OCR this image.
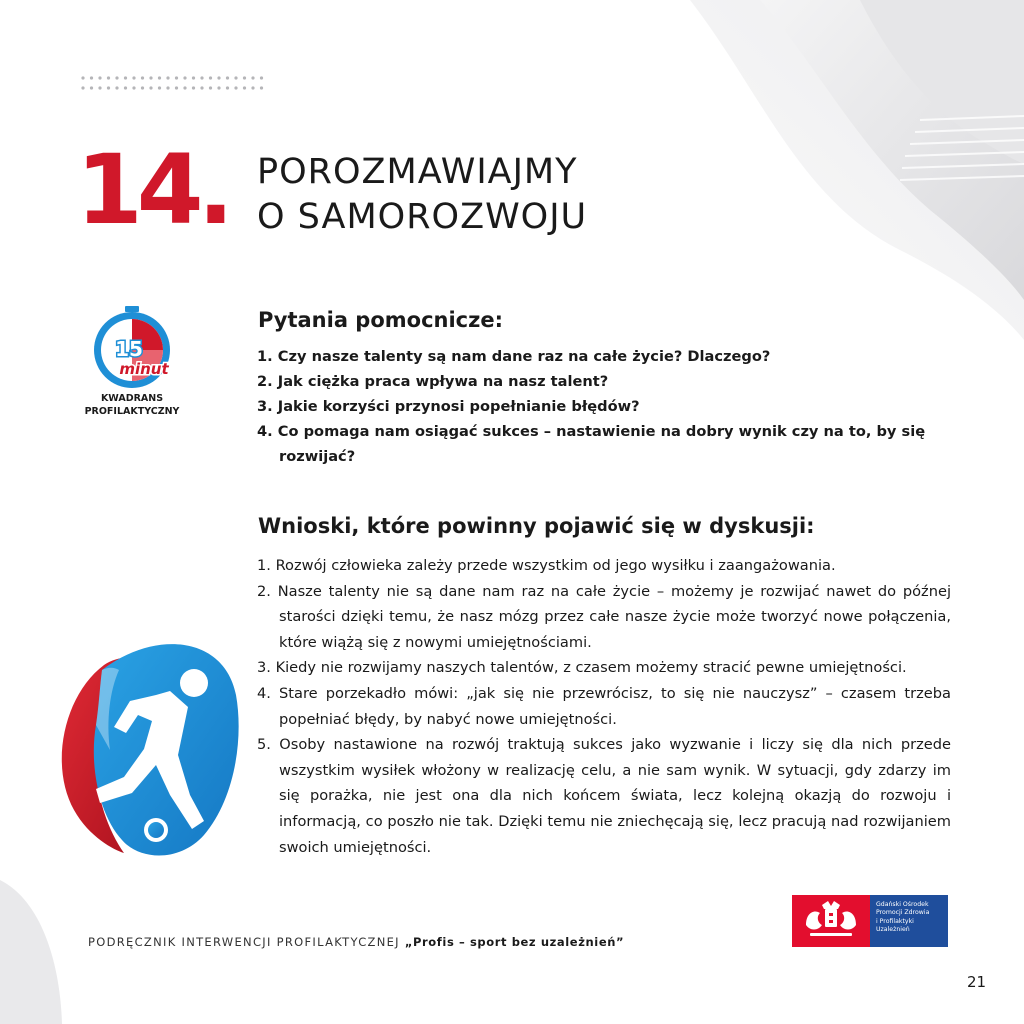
14. POROZMAWIAJMY
O SAMOROZWOJU
15
minut
KWADRANS
PROFILAKTYCZNY
Pytania pomocnicze:
1. Czy nasze talenty są nam dane raz na całe życie? Dlaczego?
2. Jak ciężka praca wpływa na nasz talent?
3. Jakie korzyści przynosi popełnianie błędów?
4. Co pomaga nam osiągać sukces – nastawienie na dobry wynik czy na to, by się rozwijać?
Wnioski, które powinny pojawić się w dyskusji:
1. Rozwój człowieka zależy przede wszystkim od jego wysiłku i zaangażowania.
2. Nasze talenty nie są dane nam raz na całe życie – możemy je rozwijać nawet do późnej starości dzięki temu, że nasz mózg przez całe nasze życie może tworzyć nowe połączenia, które wiążą się z nowymi umiejętnościami.
3. Kiedy nie rozwijamy naszych talentów, z czasem możemy stracić pewne umiejętności.
4. Stare porzekadło mówi: „jak się nie przewrócisz, to się nie nauczysz” – czasem trzeba popełniać błędy, by nabyć nowe umiejętności.
5. Osoby nastawione na rozwój traktują sukces jako wyzwanie i liczy się dla nich przede wszystkim wysiłek włożony w realizację celu, a nie sam wynik. W sytuacji, gdy zdarzy im się porażka, nie jest ona dla nich końcem świata, lecz kolejną okazją do rozwoju i informacją, co poszło nie tak. Dzięki temu nie zniechęcają się, lecz pracują nad rozwijaniem swoich umiejętności.
PODRĘCZNIK INTERWENCJI PROFILAKTYCZNEJ „Profis – sport bez uzależnień”
Gdański Ośrodek
Promocji Zdrowia
i Profilaktyki
Uzależnień
21
